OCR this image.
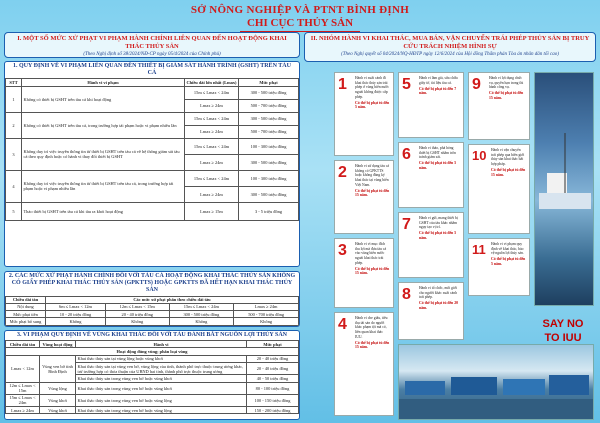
SỞ NÔNG NGHIỆP VÀ PTNT BÌNH ĐỊNH
CHI CỤC THỦY SẢN
I. MỘT SỐ MỨC XỬ PHẠT VI PHẠM HÀNH CHÍNH LIÊN QUAN ĐẾN HOẠT ĐỘNG KHAI THÁC THỦY SẢN
(Theo Nghị định số 38/2024/NĐ-CP ngày 05/4/2024 của Chính phủ)
1. QUY ĐỊNH VỀ VI PHẠM LIÊN QUAN ĐẾN THIẾT BỊ GIÁM SÁT HÀNH TRÌNH (GSHT) TRÊN TÀU CÁ
STT	Hành vi vi phạm	Chiều dài lớn nhất (Lmax)	Mức phạt
1	Không có thiết bị GSHT trên tàu cá khi hoạt động	15m ≤ Lmax < 24m	300 - 500 triệu đồng
		Lmax ≥ 24m	500 - 700 triệu đồng
2	Không có thiết bị GSHT trên tàu cá, trong trường hợp tái phạm hoặc vi phạm nhiều lần	15m ≤ Lmax < 24m	300 - 500 triệu đồng
		Lmax ≥ 24m	500 - 700 triệu đồng
3	Không duy trì việc truyền thông tin từ thiết bị GSHT trên tàu cá về hệ thống giám sát tàu cá theo quy định hoặc có hành vi thay đổi thiết bị GSHT	15m ≤ Lmax < 24m	100 - 300 triệu đồng
		Lmax ≥ 24m	300 - 500 triệu đồng
4	Không duy trì việc truyền thông tin từ thiết bị GSHT trên tàu cá, trong trường hợp tái phạm hoặc vi phạm nhiều lần	15m ≤ Lmax < 24m	100 - 300 triệu đồng
		Lmax ≥ 24m	300 - 500 triệu đồng
5	Thảo thiết bị GSHT trên tàu cá khi tàu ra khỏi hoạt động	Lmax ≥ 15m	3 - 5 triệu đồng
2. CÁC MỨC XỬ PHẠT HÀNH CHÍNH ĐỐI VỚI TÀU CÁ HOẠT ĐỘNG KHAI THÁC THỦY SẢN KHÔNG CÓ GIẤY PHÉP KHAI THÁC THỦY SẢN (GPKTTS) HOẶC GPKTTS ĐÃ HẾT HẠN KHAI THÁC THỦY SẢN
Chiều dài tàu	Các mức xử phạt phân theo chiều dài tàu			
Nội dung	6m ≤ Lmax < 12m	12m ≤ Lmax < 15m	15m ≤ Lmax < 24m	Lmax ≥ 24m
Mức phạt tiền	10 - 20 triệu đồng	20 - 40 triệu đồng	300 - 500 triệu đồng	500 - 700 triệu đồng
Mức phạt bổ sung	Không	Không	Không	Không
3. VI PHẠM QUY ĐỊNH VỀ VÙNG KHAI THÁC ĐỐI VỚI TÀU ĐÁNH BẮT NGUỒN LỢI THỦY SẢN
Chiều dài tàu	Vùng hoạt động	Hành vi	Mức phạt
Hoạt động đúng vùng; phân loại vùng			
Lmax < 12m	Vùng ven bờ tỉnh Bình Định	Khai thác thủy sản tại vùng lộng hoặc vùng khơi	20 - 40 triệu đồng
		Khai thác thủy sản tại vùng ven bờ, vùng lộng của tỉnh, thành phố trực thuộc trung ương khác, trừ trường hợp có thỏa thuận của UBND hai tỉnh, thành phố trực thuộc trung ương	20 - 40 triệu đồng
		Khai thác thủy sản trong vùng ven bờ hoặc vùng khơi	40 - 50 triệu đồng
12m ≤ Lmax < 15m	Vùng lộng	Khai thác thủy sản trong vùng ven bờ hoặc vùng khơi	80 - 100 triệu đồng
15m ≤ Lmax < 24m	Vùng khơi	Khai thác thủy sản trong vùng ven bờ hoặc vùng lộng	100 - 150 triệu đồng
Lmax ≥ 24m	Vùng khơi	Khai thác thủy sản trong vùng ven bờ hoặc vùng lộng	150 - 200 triệu đồng
II. NHÓM HÀNH VI KHAI THÁC, MUA BÁN, VẬN CHUYỂN TRÁI PHÉP THỦY SẢN BỊ TRUY CỨU TRÁCH NHIỆM HÌNH SỰ
(Theo Nghị quyết số 04/2024/NQ-HĐTP ngày 12/6/2024 của Hội đồng Thẩm phán Tòa án nhân dân tối cao)
1 Hành vi xuất cảnh đi khai thác thủy sản trái phép ở vùng biển nước ngoài không được cấp phép.
Có thể bị phạt tù đến 5 năm.
2 Hành vi sử dụng tàu cá không có GPKTTS hoặc không đăng ký khai thác tại vùng biển Việt Nam.
Có thể bị phạt tù đến 15 năm.
3 Hành vi vì mục đích thu lợi mà đưa tàu cá vào vùng biển nước ngoài khai thác trái phép.
Có thể bị phạt tù đến 15 năm.
4 Hành vi che giấu, tiêu thụ tài sản do người khác phạm tội mà có, liên quan khai thác IUU.
Có thể bị phạt tù đến 15 năm.
5 Hành vi làm giả, sửa chữa giấy tờ, tài liệu tàu cá.
Có thể bị phạt tù đến 7 năm.
6 Hành vi tháo, phá hỏng thiết bị GSHT nhằm trốn tránh giám sát.
Có thể bị phạt tù đến 5 năm.
7 Hành vi gửi, mang thiết bị GSHT của tàu khác nhằm ngụy tạo vị trí.
Có thể bị phạt tù đến 5 năm.
8 Hành vi tổ chức, môi giới cho người khác xuất cảnh trái phép.
Có thể bị phạt tù đến 20 năm.
9 Hành vi lợi dụng chức vụ, quyền hạn trong thi hành công vụ.
Có thể bị phạt tù đến 15 năm.
10 Hành vi vận chuyển trái phép qua biên giới thủy sản khai thác bất hợp pháp.
Có thể bị phạt tù đến 15 năm.
11 Hành vi vi phạm quy định về khai thác, bảo vệ nguồn lợi thủy sản.
Có thể bị phạt tù đến 5 năm.
SAY NO
TO IUU
